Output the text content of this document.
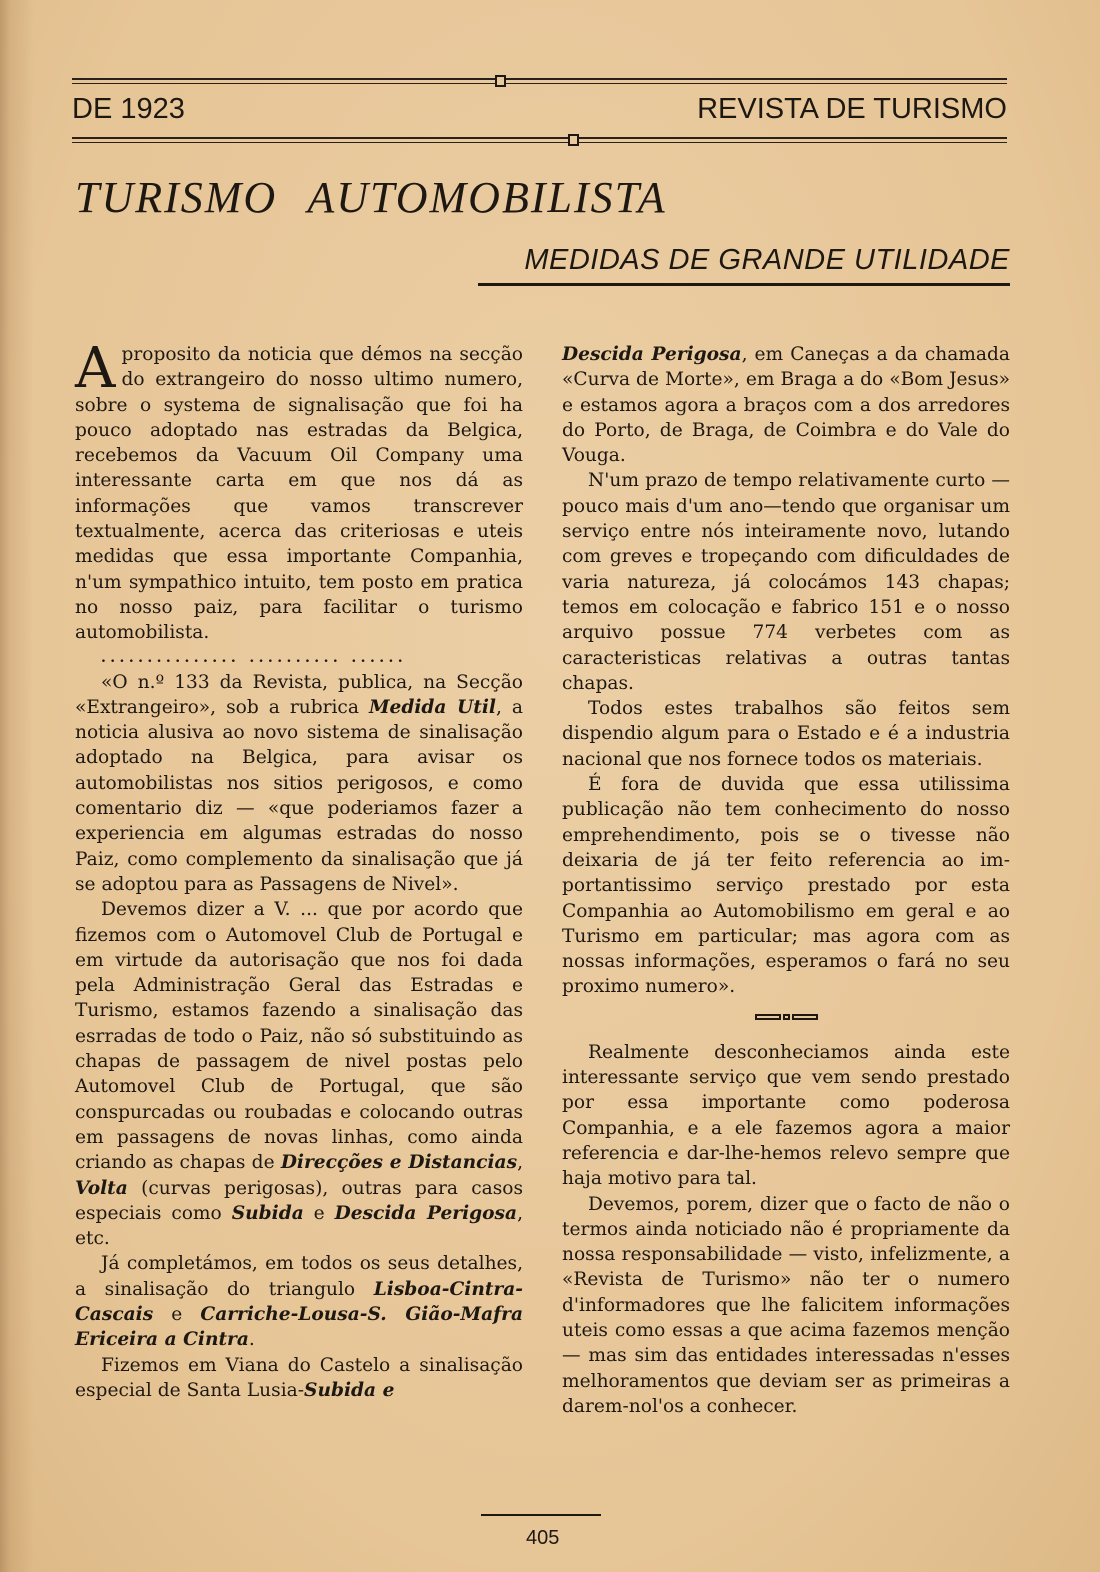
DE 1923	REVISTA DE TURISMO
TURISMO AUTOMOBILISTA
MEDIDAS DE GRANDE UTILIDADE

Aproposito da noticia que démos na secção do extrangeiro do nosso ultimo numero, sobre o systema de signalisação que foi ha pouco adoptado nas estradas da Belgica, recebemos da Vacuum Oil Company uma interessante carta em que nos dá as informações que vamos transcrever textualmente, acerca das criteriosas e uteis medidas que essa importante Companhia, n'um sympathico intuito, tem posto em pratica no nosso paiz, para facilitar o turismo automobilista.

............... .......... ......

«O n.º 133 da Revista, publica, na Secção «Extrangeiro», sob a rubrica Medida Util, a noticia alusiva ao novo sistema de sinalisação adoptado na Belgica, para avisar os automobilistas nos sitios perigosos, e como comentario diz — «que poderiamos fazer a experiencia em algumas estradas do nosso Paiz, como complemento da sinalisação que já se adoptou para as Passagens de Nivel».

Devemos dizer a V. ... que por acordo que fizemos com o Automovel Club de Portugal e em virtude da autorisação que nos foi dada pela Administração Geral das Estradas e Turismo, estamos fazendo a sinalisação das esrradas de todo o Paiz, não só substituindo as chapas de passagem de nivel postas pelo Automovel Club de Portugal, que são conspurcadas ou roubadas e colocando outras em passagens de novas linhas, como ainda criando as chapas de Direcções e Distancias, Volta (curvas perigosas), outras para casos especiais como Subida e Descida Perigosa, etc.

Já completámos, em todos os seus detalhes, a sinalisação do triangulo Lisboa-Cintra-Cascais e Carriche-Lousa-S. Gião-Mafra Ericeira a Cintra.

Fizemos em Viana do Castelo a sinalisação especial de Santa Lusia-Subida e

Descida Perigosa, em Caneças a da chamada «Curva de Morte», em Braga a do «Bom Jesus» e estamos agora a braços com a dos arredores do Porto, de Braga, de Coimbra e do Vale do Vouga.

N'um prazo de tempo relativamente curto —pouco mais d'um ano—tendo que organisar um serviço entre nós inteiramente novo, lutando com greves e tropeçando com dificuldades de varia natureza, já colocámos 143 chapas; temos em colocação e fabrico 151 e o nosso arquivo possue 774 verbetes com as caracteristicas relativas a outras tantas chapas.

Todos estes trabalhos são feitos sem dispendio algum para o Estado e é a industria nacional que nos fornece todos os materiais.

É fora de duvida que essa utilissima publicação não tem conhecimento do nosso emprehendimento, pois se o tivesse não deixaria de já ter feito referencia ao importantissimo serviço prestado por esta Companhia ao Automobilismo em geral e ao Turismo em particular; mas agora com as nossas informações, esperamos o fará no seu proximo numero».

Realmente desconheciamos ainda este interessante serviço que vem sendo prestado por essa importante como poderosa Companhia, e a ele fazemos agora a maior referencia e dar-lhe-hemos relevo sempre que haja motivo para tal.

Devemos, porem, dizer que o facto de não o termos ainda noticiado não é propriamente da nossa responsabilidade — visto, infelizmente, a «Revista de Turismo» não ter o numero d'informadores que lhe falicitem informações uteis como essas a que acima fazemos menção — mas sim das entidades interessadas n'esses melhoramentos que deviam ser as primeiras a darem-nol'os a conhecer.

405
